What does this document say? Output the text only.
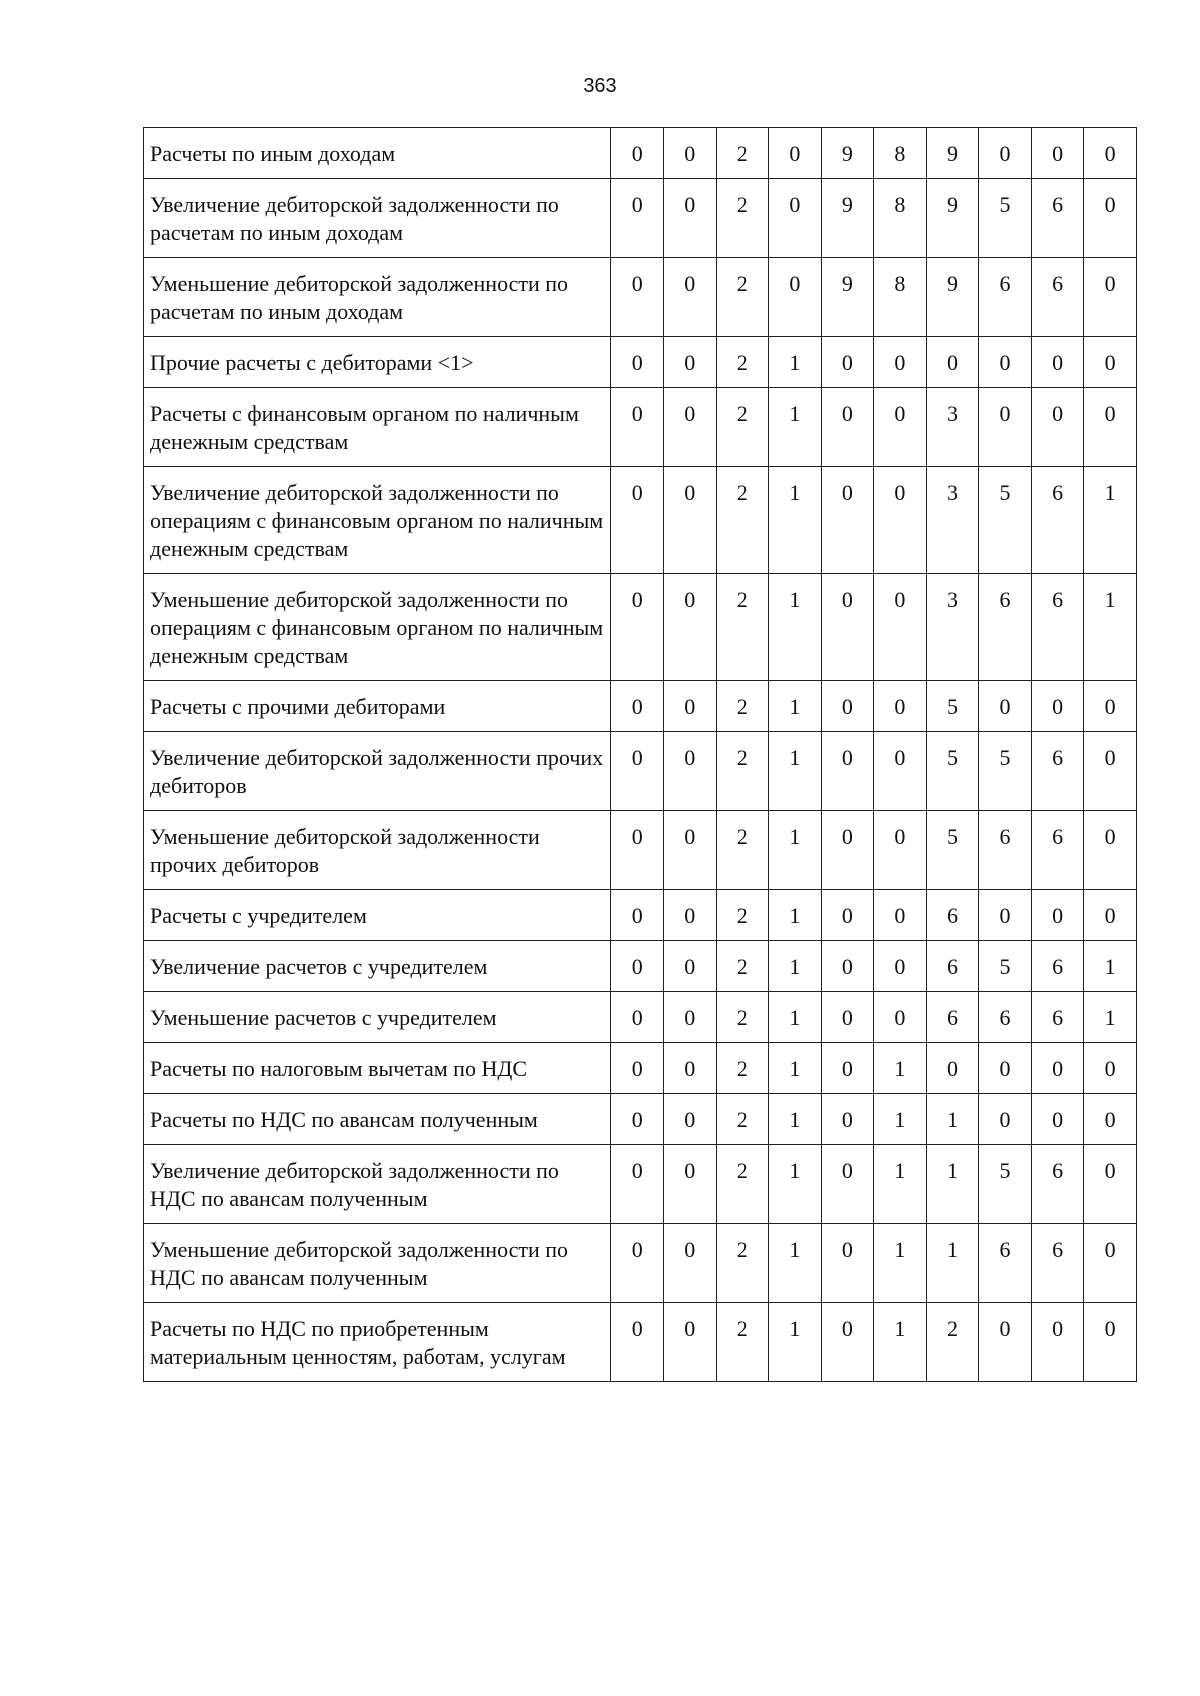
363
Расчеты по иным доходам	0	0	2	0	9	8	9	0	0	0
Увеличение дебиторской задолженности по расчетам по иным доходам	0	0	2	0	9	8	9	5	6	0
Уменьшение дебиторской задолженности по расчетам по иным доходам	0	0	2	0	9	8	9	6	6	0
Прочие расчеты с дебиторами <1>	0	0	2	1	0	0	0	0	0	0
Расчеты с финансовым органом по наличным денежным средствам	0	0	2	1	0	0	3	0	0	0
Увеличение дебиторской задолженности по операциям с финансовым органом по наличным денежным средствам	0	0	2	1	0	0	3	5	6	1
Уменьшение дебиторской задолженности по операциям с финансовым органом по наличным денежным средствам	0	0	2	1	0	0	3	6	6	1
Расчеты с прочими дебиторами	0	0	2	1	0	0	5	0	0	0
Увеличение дебиторской задолженности прочих дебиторов	0	0	2	1	0	0	5	5	6	0
Уменьшение дебиторской задолженности прочих дебиторов	0	0	2	1	0	0	5	6	6	0
Расчеты с учредителем	0	0	2	1	0	0	6	0	0	0
Увеличение расчетов с учредителем	0	0	2	1	0	0	6	5	6	1
Уменьшение расчетов с учредителем	0	0	2	1	0	0	6	6	6	1
Расчеты по налоговым вычетам по НДС	0	0	2	1	0	1	0	0	0	0
Расчеты по НДС по авансам полученным	0	0	2	1	0	1	1	0	0	0
Увеличение дебиторской задолженности по НДС по авансам полученным	0	0	2	1	0	1	1	5	6	0
Уменьшение дебиторской задолженности по НДС по авансам полученным	0	0	2	1	0	1	1	6	6	0
Расчеты по НДС по приобретенным материальным ценностям, работам, услугам	0	0	2	1	0	1	2	0	0	0
